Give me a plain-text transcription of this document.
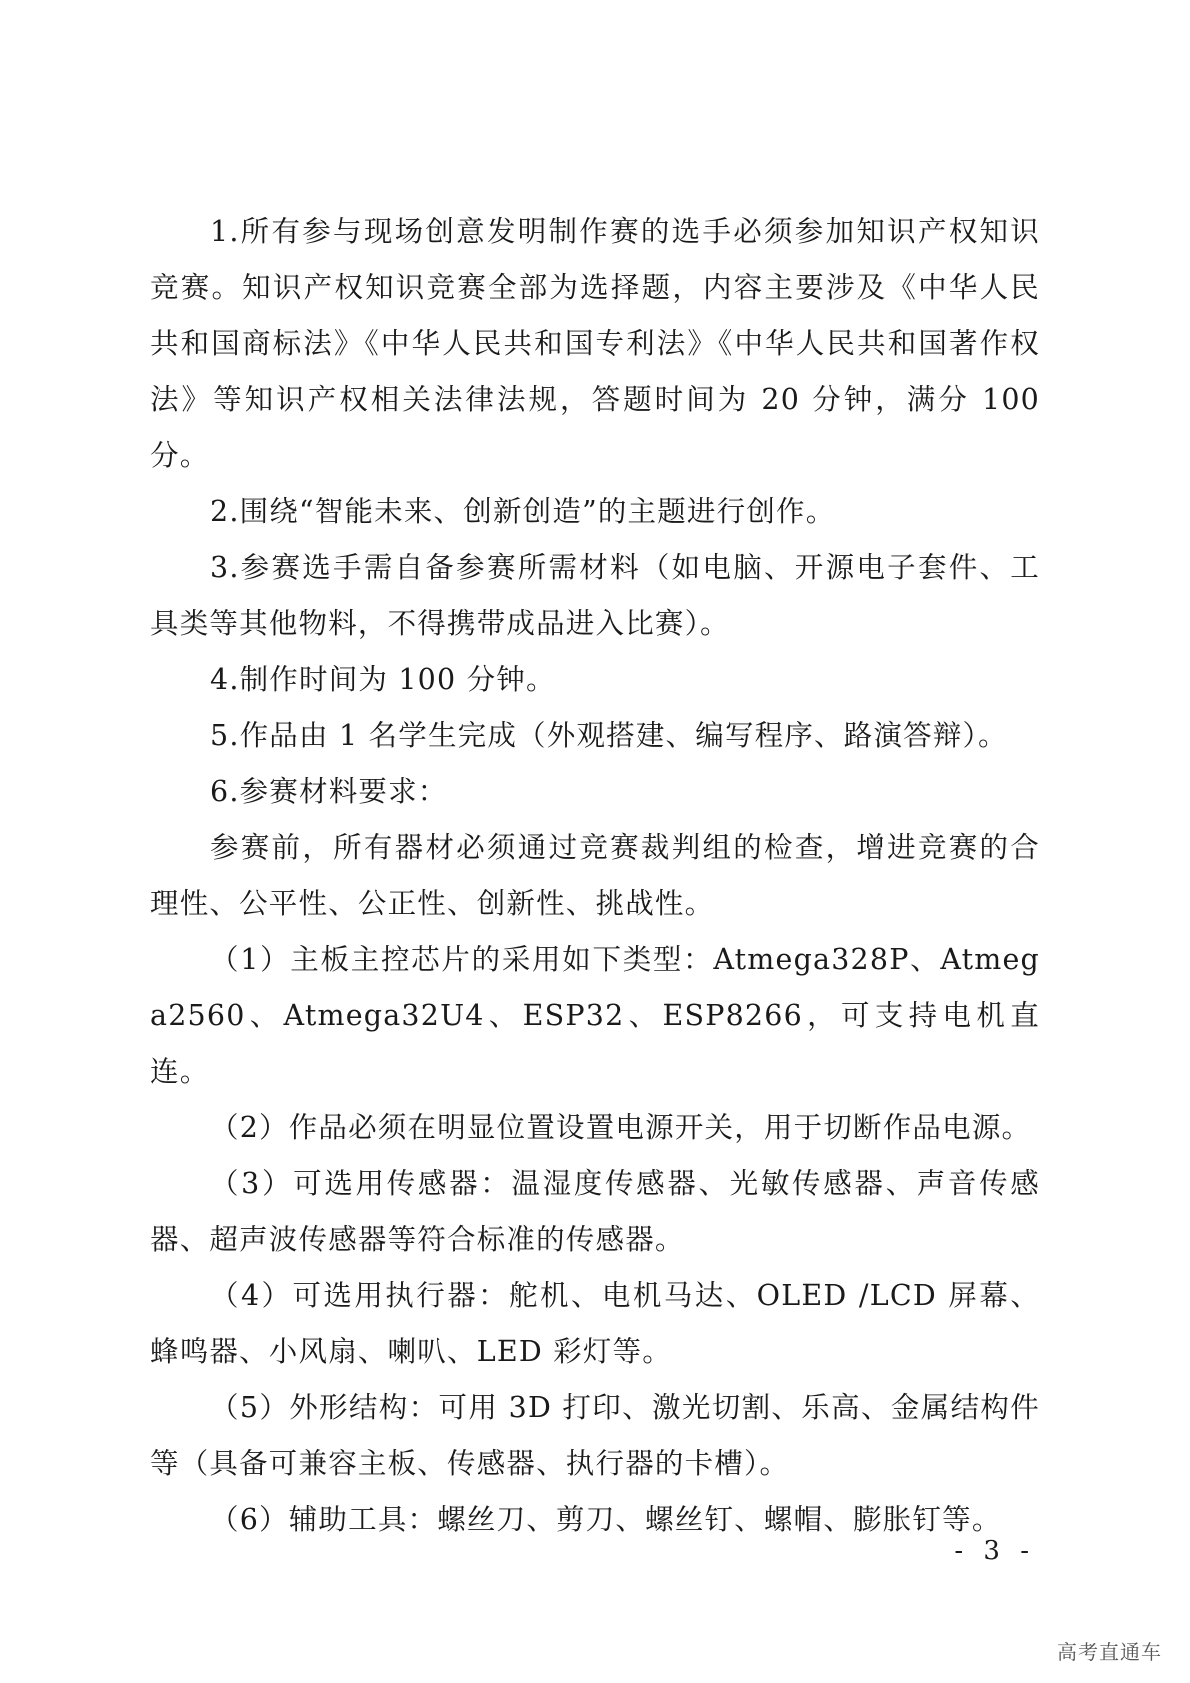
1.所有参与现场创意发明制作赛的选手必须参加知识产权知识竞赛。知识产权知识竞赛全部为选择题，内容主要涉及《中华人民共和国商标法》《中华人民共和国专利法》《中华人民共和国著作权法》等知识产权相关法律法规，答题时间为 20 分钟，满分 100 分。

2.围绕“智能未来、创新创造”的主题进行创作。

3.参赛选手需自备参赛所需材料（如电脑、开源电子套件、工具类等其他物料，不得携带成品进入比赛）。

4.制作时间为 100 分钟。

5.作品由 1 名学生完成（外观搭建、编写程序、路演答辩）。

6.参赛材料要求：

参赛前，所有器材必须通过竞赛裁判组的检查，增进竞赛的合理性、公平性、公正性、创新性、挑战性。

（1）主板主控芯片的采用如下类型：Atmega328P、Atmega2560、Atmega32U4、ESP32、ESP8266，可支持电机直连。

（2）作品必须在明显位置设置电源开关，用于切断作品电源。

（3）可选用传感器：温湿度传感器、光敏传感器、声音传感器、超声波传感器等符合标准的传感器。

（4）可选用执行器：舵机、电机马达、OLED /LCD 屏幕、蜂鸣器、小风扇、喇叭、LED 彩灯等。

（5）外形结构：可用 3D 打印、激光切割、乐高、金属结构件等（具备可兼容主板、传感器、执行器的卡槽）。

（6）辅助工具：螺丝刀、剪刀、螺丝钉、螺帽、膨胀钉等。

- 3 -
高考直通车
